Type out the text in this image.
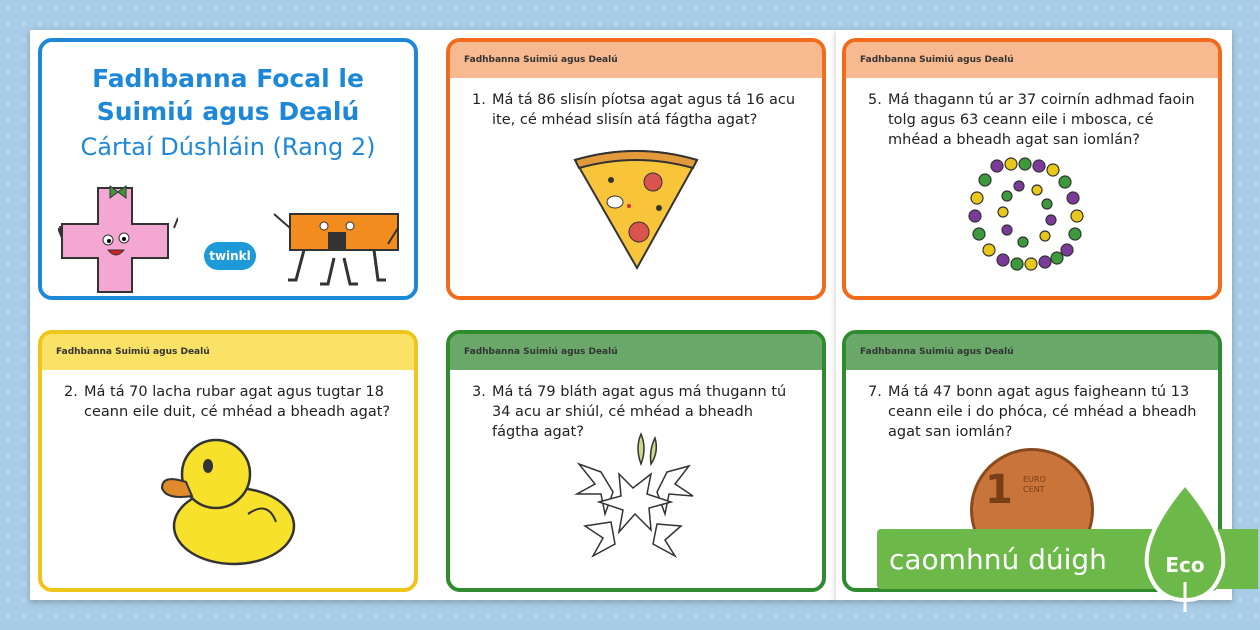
Fadhbanna Focal le
Suimiú agus Dealú
Cártaí Dúshláin (Rang 2)
twinkl
Fadhbanna Suimiú agus Dealú
1. Má tá 86 slisín píotsa agat agus tá 16 acu ite, cé mhéad slisín atá fágtha agat?
Fadhbanna Suimiú agus Dealú
5. Má thagann tú ar 37 coirnín adhmad faoin tolg agus 63 ceann eile i mbosca, cé mhéad a bheadh agat san iomlán?
Fadhbanna Suimiú agus Dealú
2. Má tá 70 lacha rubar agat agus tugtar 18 ceann eile duit, cé mhéad a bheadh agat?
Fadhbanna Suimiú agus Dealú
3. Má tá 79 bláth agat agus má thugann tú 34 acu ar shiúl, cé mhéad a bheadh fágtha agat?
Fadhbanna Suimiú agus Dealú
7. Má tá 47 bonn agat agus faigheann tú 13 ceann eile i do phóca, cé mhéad a bheadh agat san iomlán?
1 EURO
CENT
caomhnú dúigh	Eco
